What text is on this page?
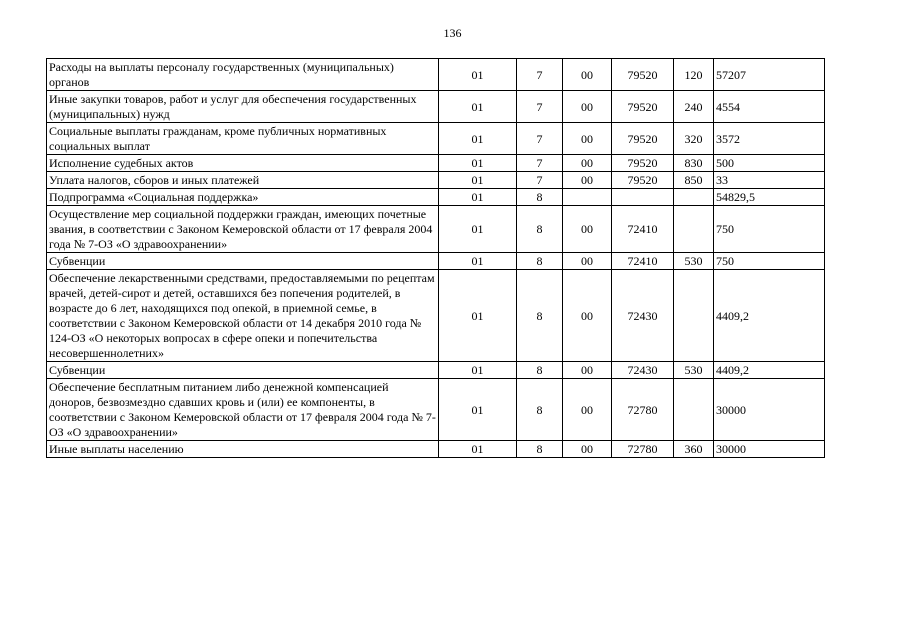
136
Расходы на выплаты персоналу государственных (муниципальных) органов	01	7	00	79520	120	57207
Иные закупки товаров, работ и услуг для обеспечения государственных (муниципальных) нужд	01	7	00	79520	240	4554
Социальные выплаты гражданам, кроме публичных нормативных социальных выплат	01	7	00	79520	320	3572
Исполнение судебных актов	01	7	00	79520	830	500
Уплата налогов, сборов и иных платежей	01	7	00	79520	850	33
Подпрограмма «Социальная поддержка»	01	8				54829,5
Осуществление мер социальной поддержки граждан, имеющих почетные звания, в соответствии с Законом Кемеровской области от 17 февраля 2004 года № 7-ОЗ «О здравоохранении»	01	8	00	72410		750
Субвенции	01	8	00	72410	530	750
Обеспечение лекарственными средствами, предоставляемыми по рецептам врачей, детей-сирот и детей, оставшихся без попечения родителей, в возрасте до 6 лет, находящихся под опекой, в приемной семье, в соответствии с Законом Кемеровской области от 14 декабря 2010 года № 124-ОЗ «О некоторых вопросах в сфере опеки и попечительства несовершеннолетних»	01	8	00	72430		4409,2
Субвенции	01	8	00	72430	530	4409,2
Обеспечение бесплатным питанием либо денежной компенсацией доноров, безвозмездно сдавших кровь и (или) ее компоненты, в соответствии с Законом Кемеровской области от 17 февраля 2004 года № 7-ОЗ «О здравоохранении»	01	8	00	72780		30000
Иные выплаты населению	01	8	00	72780	360	30000
